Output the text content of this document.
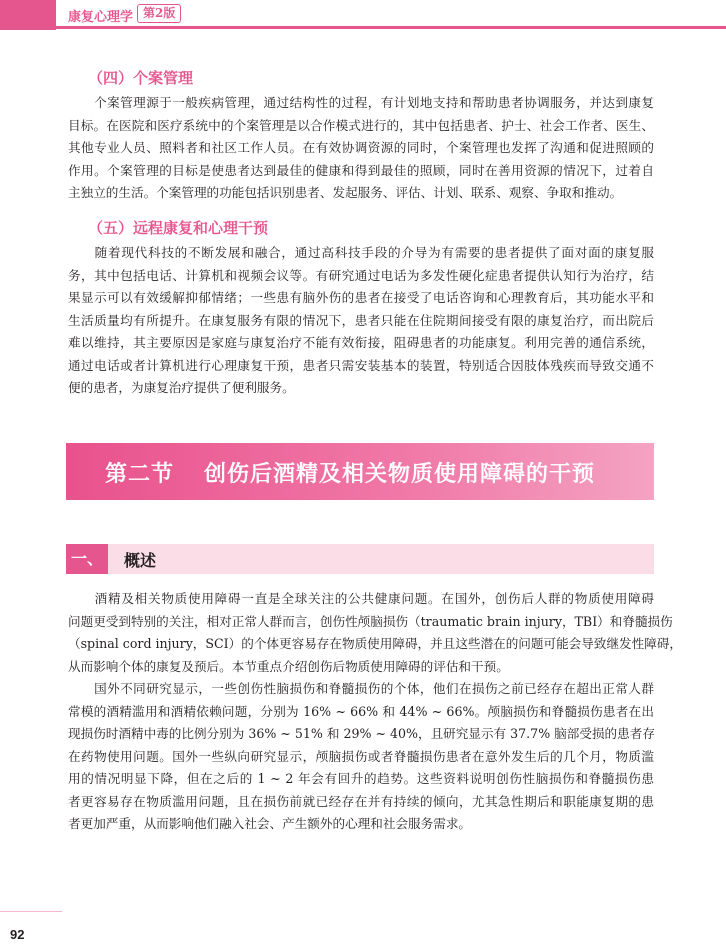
康复心理学 第2版
（四）个案管理
　　个案管理源于一般疾病管理，通过结构性的过程，有计划地支持和帮助患者协调服务，并达到康复
目标。在医院和医疗系统中的个案管理是以合作模式进行的，其中包括患者、护士、社会工作者、医生、
其他专业人员、照料者和社区工作人员。在有效协调资源的同时，个案管理也发挥了沟通和促进照顾的
作用。个案管理的目标是使患者达到最佳的健康和得到最佳的照顾，同时在善用资源的情况下，过着自
主独立的生活。个案管理的功能包括识别患者、发起服务、评估、计划、联系、观察、争取和推动。
（五）远程康复和心理干预
　　随着现代科技的不断发展和融合，通过高科技手段的介导为有需要的患者提供了面对面的康复服
务，其中包括电话、计算机和视频会议等。有研究通过电话为多发性硬化症患者提供认知行为治疗，结
果显示可以有效缓解抑郁情绪；一些患有脑外伤的患者在接受了电话咨询和心理教育后，其功能水平和
生活质量均有所提升。在康复服务有限的情况下，患者只能在住院期间接受有限的康复治疗，而出院后
难以维持，其主要原因是家庭与康复治疗不能有效衔接，阻碍患者的功能康复。利用完善的通信系统，
通过电话或者计算机进行心理康复干预，患者只需安装基本的装置，特别适合因肢体残疾而导致交通不
便的患者，为康复治疗提供了便利服务。
第二节 创伤后酒精及相关物质使用障碍的干预
一、	概述
　　酒精及相关物质使用障碍一直是全球关注的公共健康问题。在国外，创伤后人群的物质使用障碍
问题更受到特别的关注，相对正常人群而言，创伤性颅脑损伤（traumatic brain injury，TBI）和脊髓损伤
（spinal cord injury，SCI）的个体更容易存在物质使用障碍，并且这些潜在的问题可能会导致继发性障碍，
从而影响个体的康复及预后。本节重点介绍创伤后物质使用障碍的评估和干预。
　　国外不同研究显示，一些创伤性脑损伤和脊髓损伤的个体，他们在损伤之前已经存在超出正常人群
常模的酒精滥用和酒精依赖问题，分别为 16% ~ 66% 和 44% ~ 66%。颅脑损伤和脊髓损伤患者在出
现损伤时酒精中毒的比例分别为 36% ~ 51% 和 29% ~ 40%，且研究显示有 37.7% 脑部受损的患者存
在药物使用问题。国外一些纵向研究显示，颅脑损伤或者脊髓损伤患者在意外发生后的几个月，物质滥
用的情况明显下降，但在之后的 1 ~ 2 年会有回升的趋势。这些资料说明创伤性脑损伤和脊髓损伤患
者更容易存在物质滥用问题，且在损伤前就已经存在并有持续的倾向，尤其急性期后和职能康复期的患
者更加严重，从而影响他们融入社会、产生额外的心理和社会服务需求。
92
